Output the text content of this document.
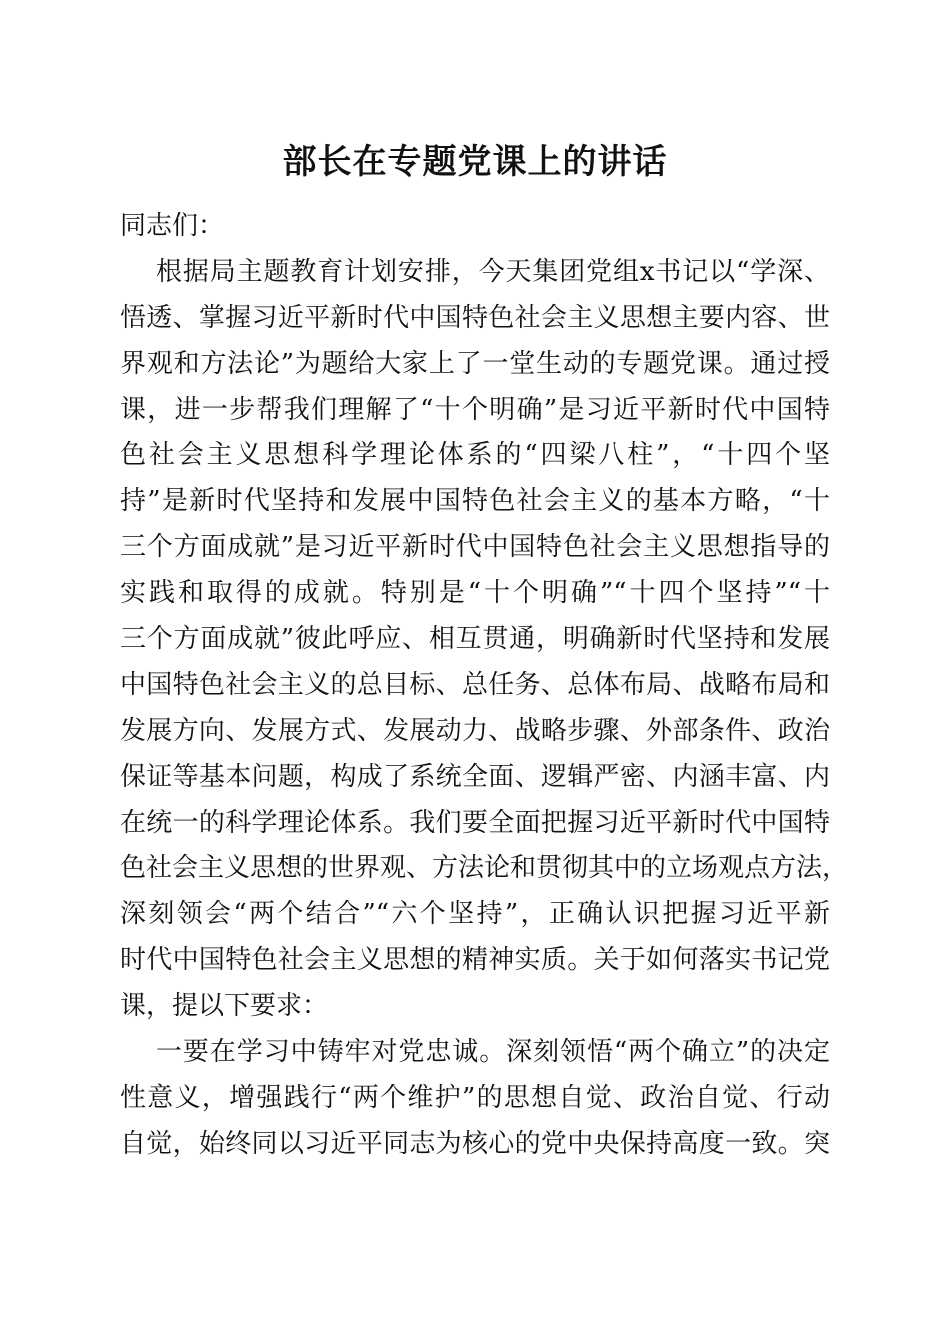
部长在专题党课上的讲话
同志们：
根据局主题教育计划安排，今天集团党组x书记以“学深、
悟透、掌握习近平新时代中国特色社会主义思想主要内容、世
界观和方法论”为题给大家上了一堂生动的专题党课。通过授
课，进一步帮我们理解了“十个明确”是习近平新时代中国特
色社会主义思想科学理论体系的“四梁八柱”，“十四个坚
持”是新时代坚持和发展中国特色社会主义的基本方略，“十
三个方面成就”是习近平新时代中国特色社会主义思想指导的
实践和取得的成就。特别是“十个明确”“十四个坚持”“十
三个方面成就”彼此呼应、相互贯通，明确新时代坚持和发展
中国特色社会主义的总目标、总任务、总体布局、战略布局和
发展方向、发展方式、发展动力、战略步骤、外部条件、政治
保证等基本问题，构成了系统全面、逻辑严密、内涵丰富、内
在统一的科学理论体系。我们要全面把握习近平新时代中国特
色社会主义思想的世界观、方法论和贯彻其中的立场观点方法，
深刻领会“两个结合”“六个坚持”，正确认识把握习近平新
时代中国特色社会主义思想的精神实质。关于如何落实书记党
课，提以下要求：
一要在学习中铸牢对党忠诚。深刻领悟“两个确立”的决定
性意义，增强践行“两个维护”的思想自觉、政治自觉、行动
自觉，始终同以习近平同志为核心的党中央保持高度一致。突
